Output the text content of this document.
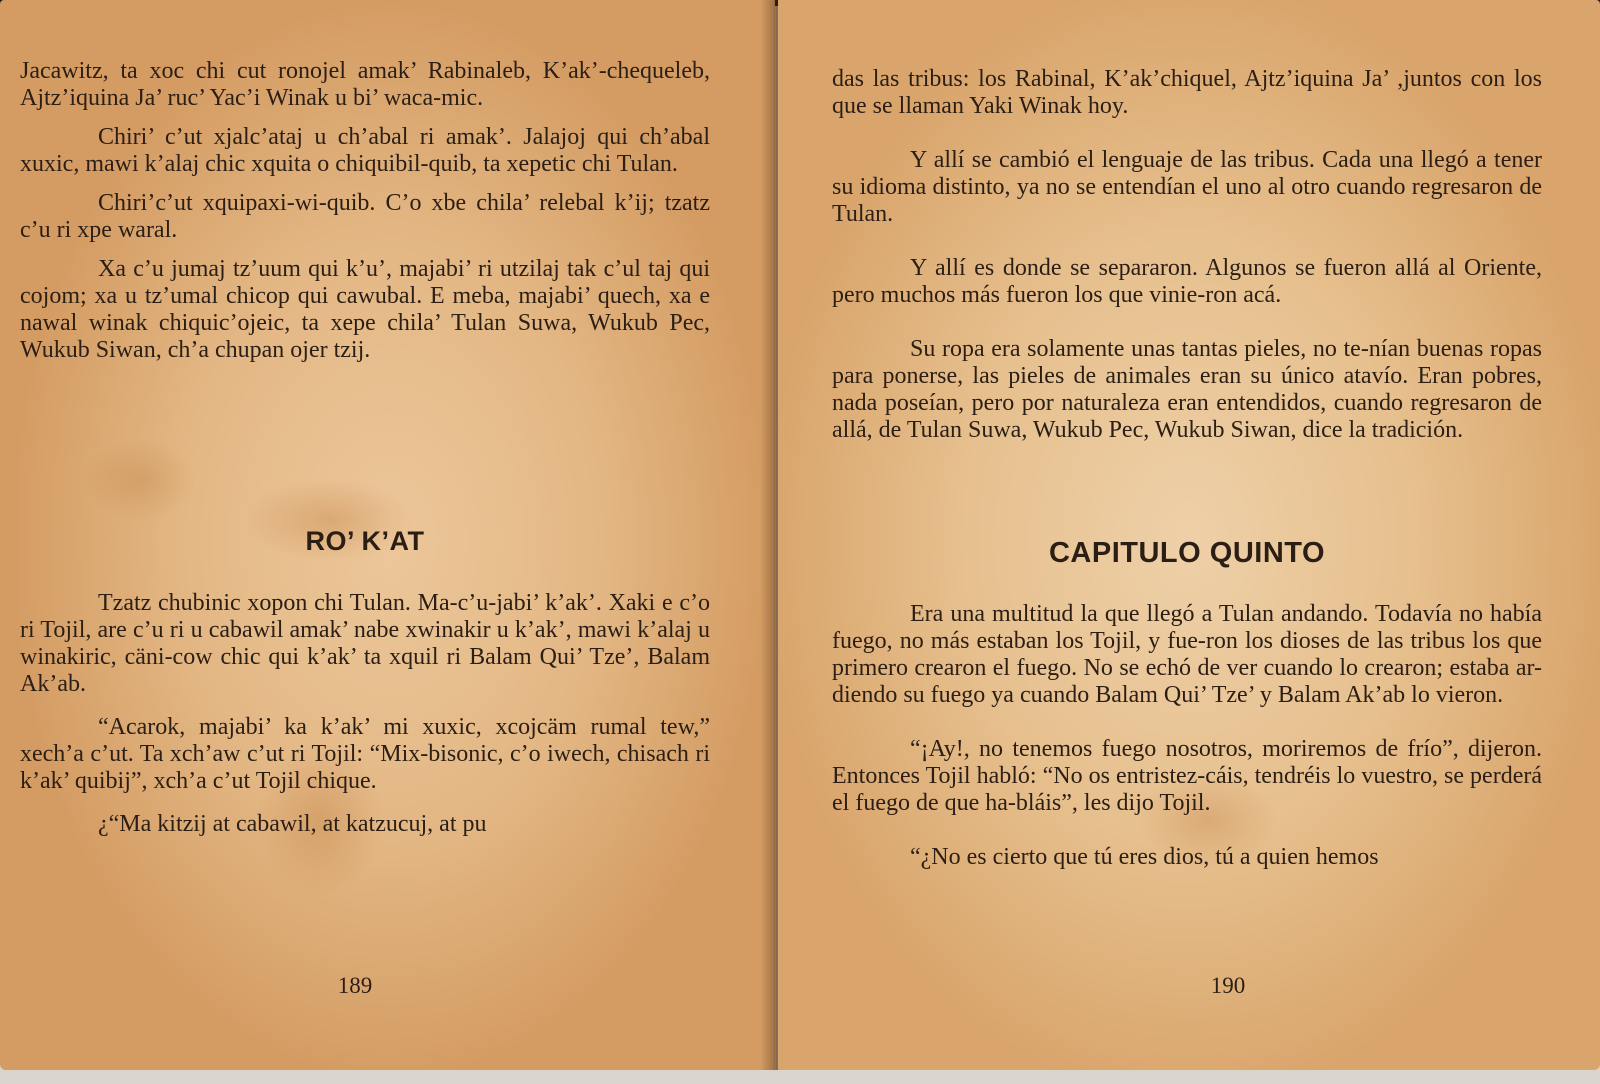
Jacawitz, ta xoc chi cut ronojel amak’ Rabinaleb, K’ak’-chequeleb, Ajtz’iquina Ja’ ruc’ Yac’i Winak u bi’ waca-mic.

Chiri’ c’ut xjalc’ataj u ch’abal ri amak’. Jalajoj qui ch’abal xuxic, mawi k’alaj chic xquita o chiquibil-quib, ta xepetic chi Tulan.

Chiri’c’ut xquipaxi-wi-quib. C’o xbe chila’ relebal k’ij; tzatz c’u ri xpe waral.

Xa c’u jumaj tz’uum qui k’u’, majabi’ ri utzilaj tak c’ul taj qui cojom; xa u tz’umal chicop qui cawubal. E meba, majabi’ quech, xa e nawal winak chiquic’ojeic, ta xepe chila’ Tulan Suwa, Wukub Pec, Wukub Siwan, ch’a chupan ojer tzij.

RO’ K’AT

Tzatz chubinic xopon chi Tulan. Ma-c’u-jabi’ k’ak’. Xaki e c’o ri Tojil, are c’u ri u cabawil amak’ nabe xwinakir u k’ak’, mawi k’alaj u winakiric, cäni-cow chic qui k’ak’ ta xquil ri Balam Qui’ Tze’, Balam Ak’ab.

“Acarok, majabi’ ka k’ak’ mi xuxic, xcojcäm rumal tew,” xech’a c’ut. Ta xch’aw c’ut ri Tojil: “Mix-bisonic, c’o iwech, chisach ri k’ak’ quibij”, xch’a c’ut Tojil chique.

¿“Ma kitzij at cabawil, at katzucuj, at pu

189

das las tribus: los Rabinal, K’ak’chiquel, Ajtz’iquina Ja’ ,juntos con los que se llaman Yaki Winak hoy.

Y allí se cambió el lenguaje de las tribus. Cada una llegó a tener su idioma distinto, ya no se entendían el uno al otro cuando regresaron de Tulan.

Y allí es donde se separaron. Algunos se fueron allá al Oriente, pero muchos más fueron los que vinie-ron acá.

Su ropa era solamente unas tantas pieles, no te-nían buenas ropas para ponerse, las pieles de animales eran su único atavío. Eran pobres, nada poseían, pero por naturaleza eran entendidos, cuando regresaron de allá, de Tulan Suwa, Wukub Pec, Wukub Siwan, dice la tradición.

CAPITULO QUINTO

Era una multitud la que llegó a Tulan andando. Todavía no había fuego, no más estaban los Tojil, y fue-ron los dioses de las tribus los que primero crearon el fuego. No se echó de ver cuando lo crearon; estaba ar-diendo su fuego ya cuando Balam Qui’ Tze’ y Balam Ak’ab lo vieron.

“¡Ay!, no tenemos fuego nosotros, moriremos de frío”, dijeron. Entonces Tojil habló: “No os entristez-cáis, tendréis lo vuestro, se perderá el fuego de que ha-bláis”, les dijo Tojil.

“¿No es cierto que tú eres dios, tú a quien hemos

190
